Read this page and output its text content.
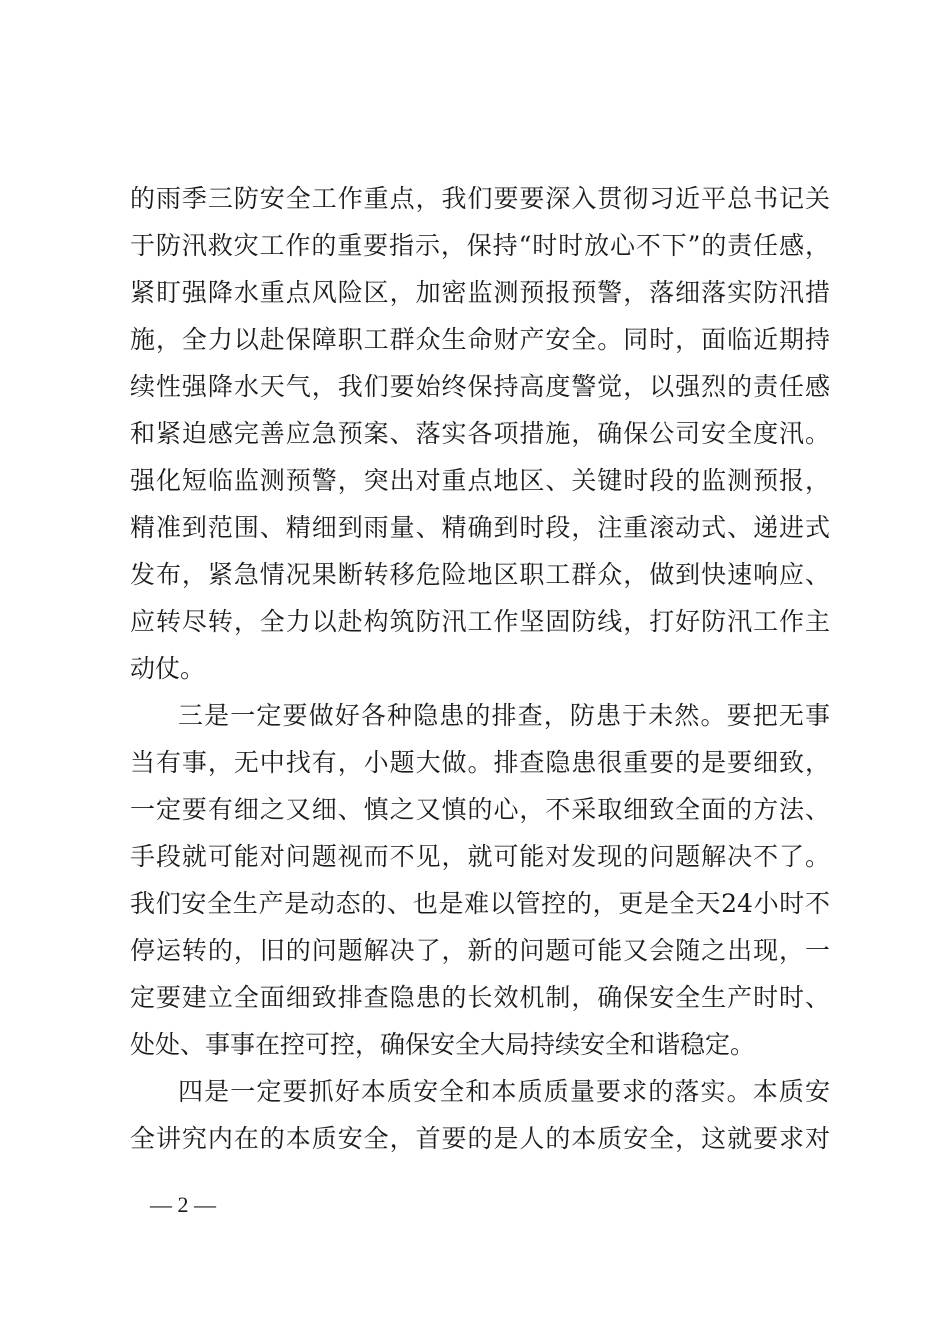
的雨季三防安全工作重点，我们要要深入贯彻习近平总书记关
于防汛救灾工作的重要指示，保持“时时放心不下”的责任感，
紧盯强降水重点风险区，加密监测预报预警，落细落实防汛措
施，全力以赴保障职工群众生命财产安全。同时，面临近期持
续性强降水天气，我们要始终保持高度警觉，以强烈的责任感
和紧迫感完善应急预案、落实各项措施，确保公司安全度汛。
强化短临监测预警，突出对重点地区、关键时段的监测预报，
精准到范围、精细到雨量、精确到时段，注重滚动式、递进式
发布，紧急情况果断转移危险地区职工群众，做到快速响应、
应转尽转，全力以赴构筑防汛工作坚固防线，打好防汛工作主
动仗。
三是一定要做好各种隐患的排查，防患于未然。要把无事
当有事，无中找有，小题大做。排查隐患很重要的是要细致，
一定要有细之又细、慎之又慎的心，不采取细致全面的方法、
手段就可能对问题视而不见，就可能对发现的问题解决不了。
我们安全生产是动态的、也是难以管控的，更是全天24小时不
停运转的，旧的问题解决了，新的问题可能又会随之出现，一
定要建立全面细致排查隐患的长效机制，确保安全生产时时、
处处、事事在控可控，确保安全大局持续安全和谐稳定。
四是一定要抓好本质安全和本质质量要求的落实。本质安
全讲究内在的本质安全，首要的是人的本质安全，这就要求对
— 2 —
